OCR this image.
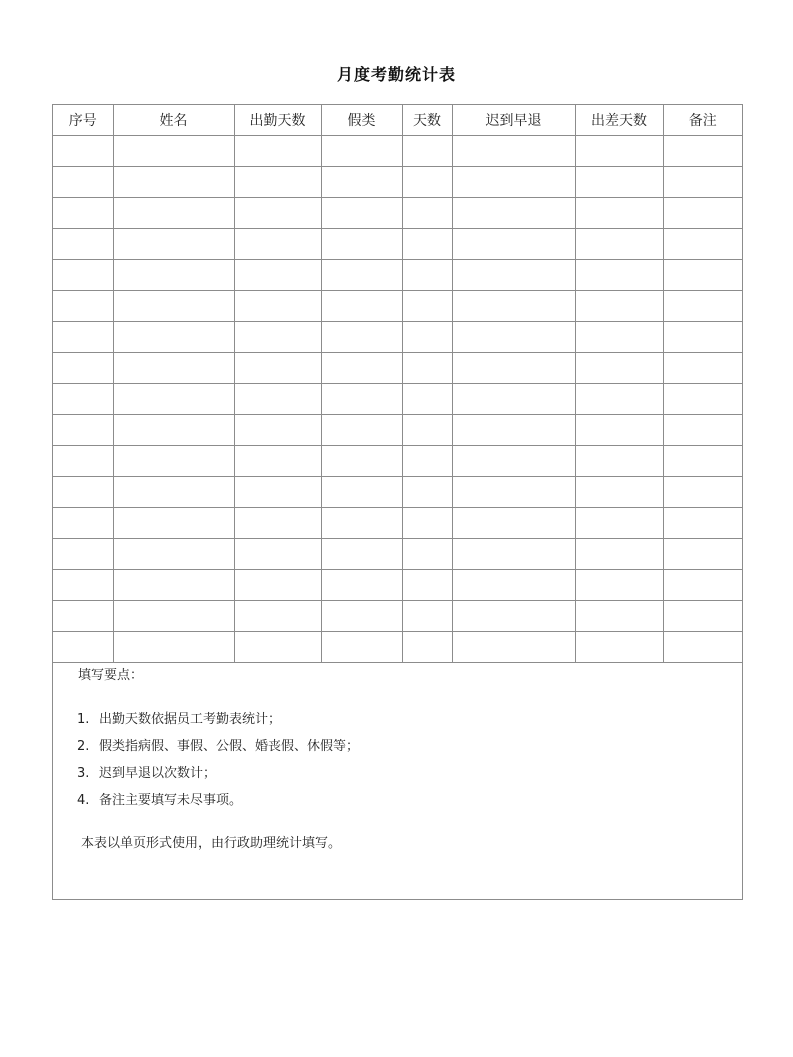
月度考勤统计表
序号	姓名	出勤天数	假类	天数	迟到早退	出差天数	备注

填写要点：
1. 出勤天数依据员工考勤表统计；
2. 假类指病假、事假、公假、婚丧假、休假等；
3. 迟到早退以次数计；
4. 备注主要填写未尽事项。
本表以单页形式使用，由行政助理统计填写。
